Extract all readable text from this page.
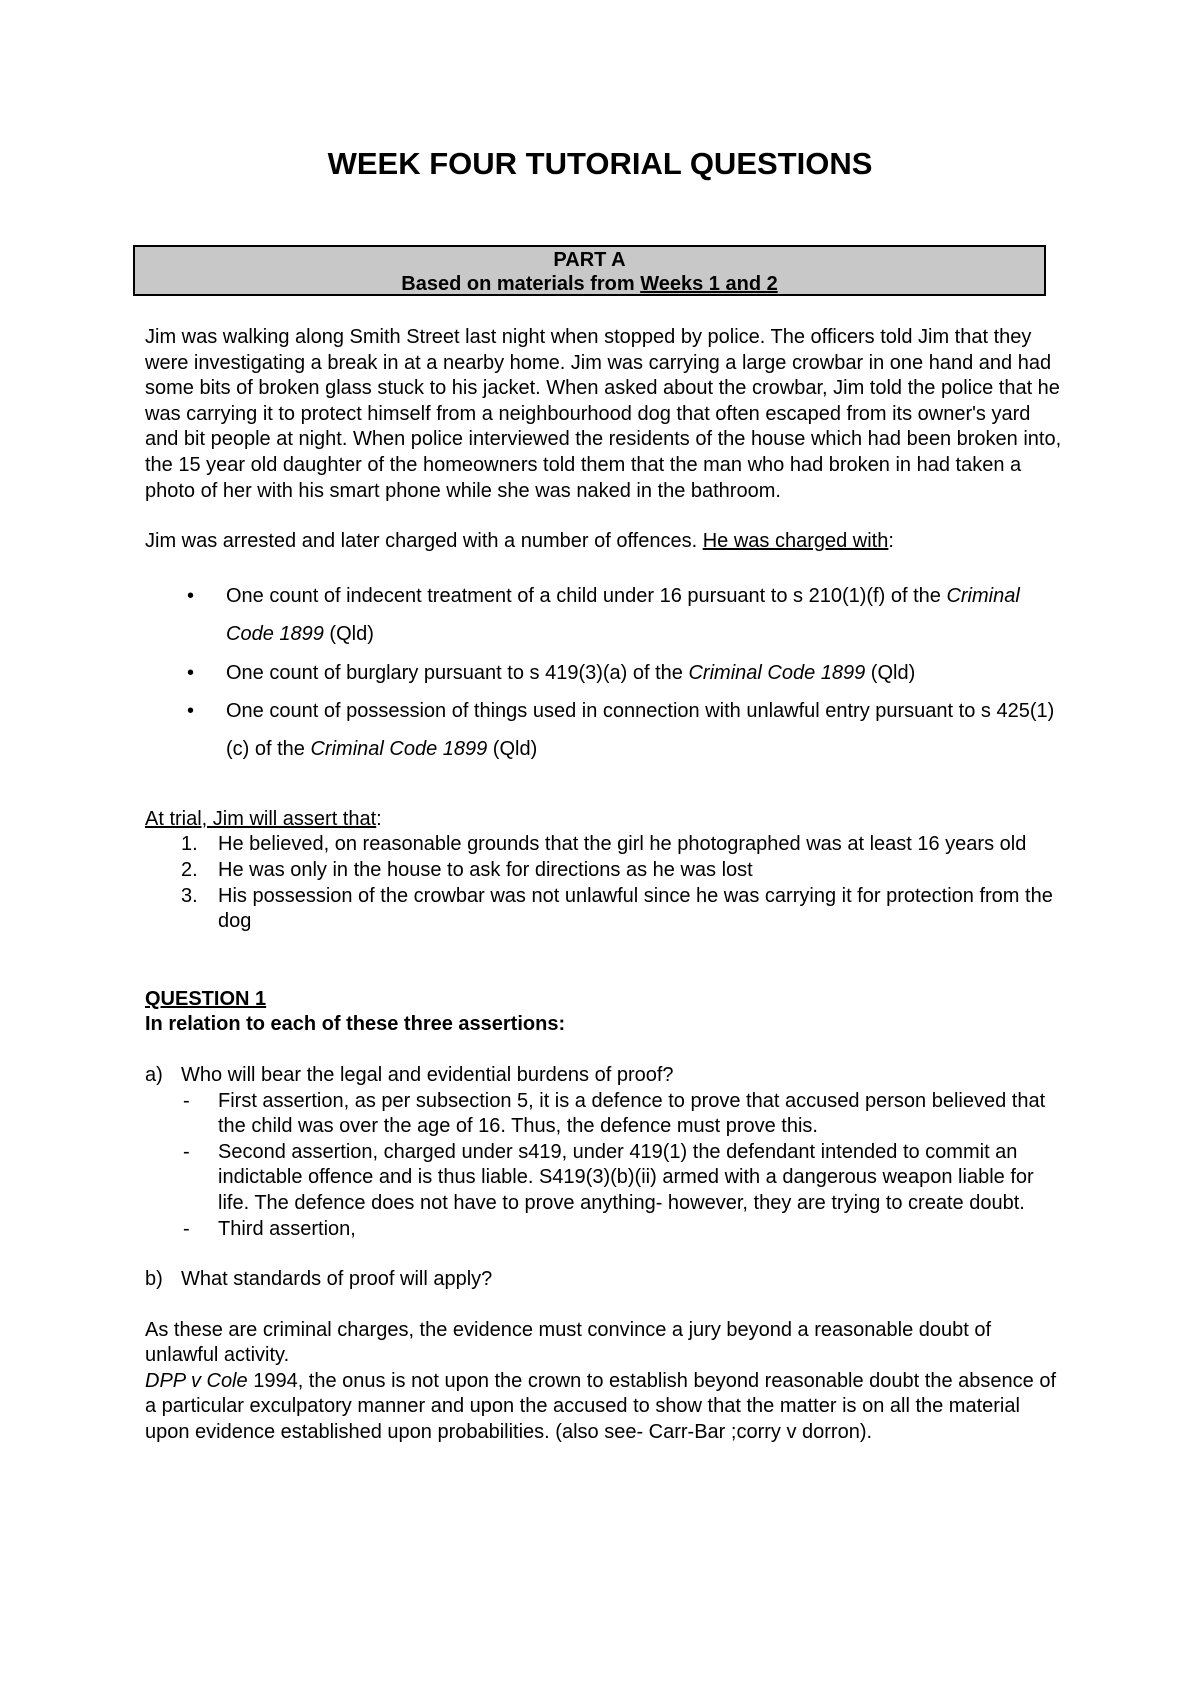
WEEK FOUR TUTORIAL QUESTIONS
PART A
Based on materials from Weeks 1 and 2

Jim was walking along Smith Street last night when stopped by police. The officers told Jim that they were investigating a break in at a nearby home. Jim was carrying a large crowbar in one hand and had some bits of broken glass stuck to his jacket. When asked about the crowbar, Jim told the police that he was carrying it to protect himself from a neighbourhood dog that often escaped from its owner's yard and bit people at night. When police interviewed the residents of the house which had been broken into, the 15 year old daughter of the homeowners told them that the man who had broken in had taken a photo of her with his smart phone while she was naked in the bathroom.

Jim was arrested and later charged with a number of offences. He was charged with:

• One count of indecent treatment of a child under 16 pursuant to s 210(1)(f) of the Criminal Code 1899 (Qld)
• One count of burglary pursuant to s 419(3)(a) of the Criminal Code 1899 (Qld)
• One count of possession of things used in connection with unlawful entry pursuant to s 425(1)(c) of the Criminal Code 1899 (Qld)

At trial, Jim will assert that:

1. He believed, on reasonable grounds that the girl he photographed was at least 16 years old
2. He was only in the house to ask for directions as he was lost
3. His possession of the crowbar was not unlawful since he was carrying it for protection from the dog

QUESTION 1

In relation to each of these three assertions:

a) Who will bear the legal and evidential burdens of proof?

- First assertion, as per subsection 5, it is a defence to prove that accused person believed that the child was over the age of 16. Thus, the defence must prove this.
- Second assertion, charged under s419, under 419(1) the defendant intended to commit an indictable offence and is thus liable. S419(3)(b)(ii) armed with a dangerous weapon liable for life. The defence does not have to prove anything- however, they are trying to create doubt.
- Third assertion,

b) What standards of proof will apply?

As these are criminal charges, the evidence must convince a jury beyond a reasonable doubt of unlawful activity.

DPP v Cole 1994, the onus is not upon the crown to establish beyond reasonable doubt the absence of a particular exculpatory manner and upon the accused to show that the matter is on all the material upon evidence established upon probabilities. (also see- Carr-Bar ;corry v dorron).
